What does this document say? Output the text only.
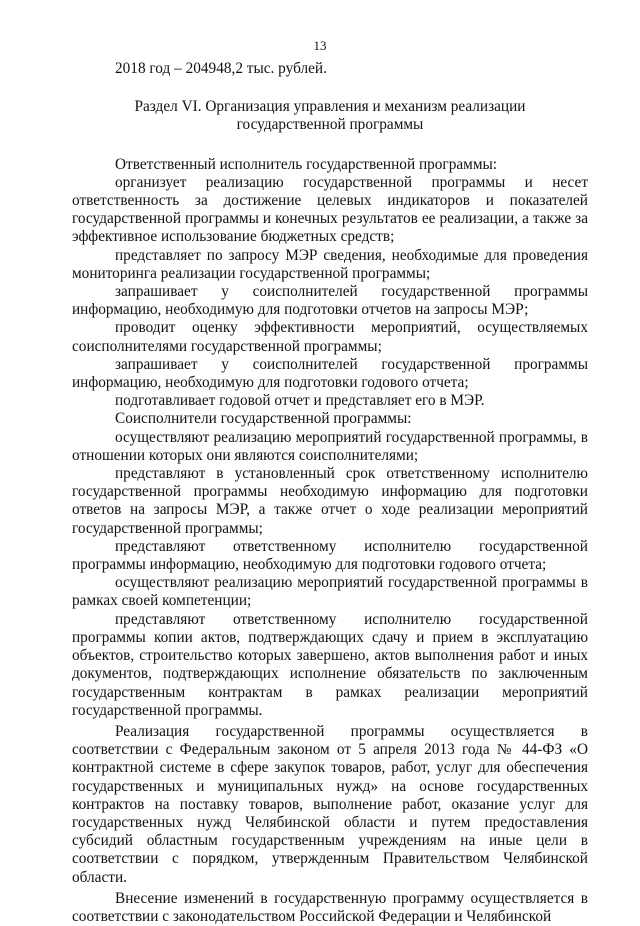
13

2018 год – 204948,2 тыс. рублей.

Раздел VI. Организация управления и механизм реализации государственной программы

Ответственный исполнитель государственной программы:

организует реализацию государственной программы и несет ответственность за достижение целевых индикаторов и показателей государственной программы и конечных результатов ее реализации, а также за эффективное использование бюджетных средств;

представляет по запросу МЭР сведения, необходимые для проведения мониторинга реализации государственной программы;

запрашивает у соисполнителей государственной программы информацию, необходимую для подготовки отчетов на запросы МЭР;

проводит оценку эффективности мероприятий, осуществляемых соисполнителями государственной программы;

запрашивает у соисполнителей государственной программы информацию, необходимую для подготовки годового отчета;

подготавливает годовой отчет и представляет его в МЭР.

Соисполнители государственной программы:

осуществляют реализацию мероприятий государственной программы, в отношении которых они являются соисполнителями;

представляют в установленный срок ответственному исполнителю государственной программы необходимую информацию для подготовки ответов на запросы МЭР, а также отчет о ходе реализации мероприятий государственной программы;

представляют ответственному исполнителю государственной программы информацию, необходимую для подготовки годового отчета;

осуществляют реализацию мероприятий государственной программы в рамках своей компетенции;

представляют ответственному исполнителю государственной программы копии актов, подтверждающих сдачу и прием в эксплуатацию объектов, строительство которых завершено, актов выполнения работ и иных документов, подтверждающих исполнение обязательств по заключенным государственным контрактам в рамках реализации мероприятий государственной программы.

Реализация государственной программы осуществляется в соответствии с Федеральным законом от 5 апреля 2013 года № 44-ФЗ «О контрактной системе в сфере закупок товаров, работ, услуг для обеспечения государственных и муниципальных нужд» на основе государственных контрактов на поставку товаров, выполнение работ, оказание услуг для государственных нужд Челябинской области и путем предоставления субсидий областным государственным учреждениям на иные цели в соответствии с порядком, утвержденным Правительством Челябинской области.

Внесение изменений в государственную программу осуществляется в соответствии с законодательством Российской Федерации и Челябинской
